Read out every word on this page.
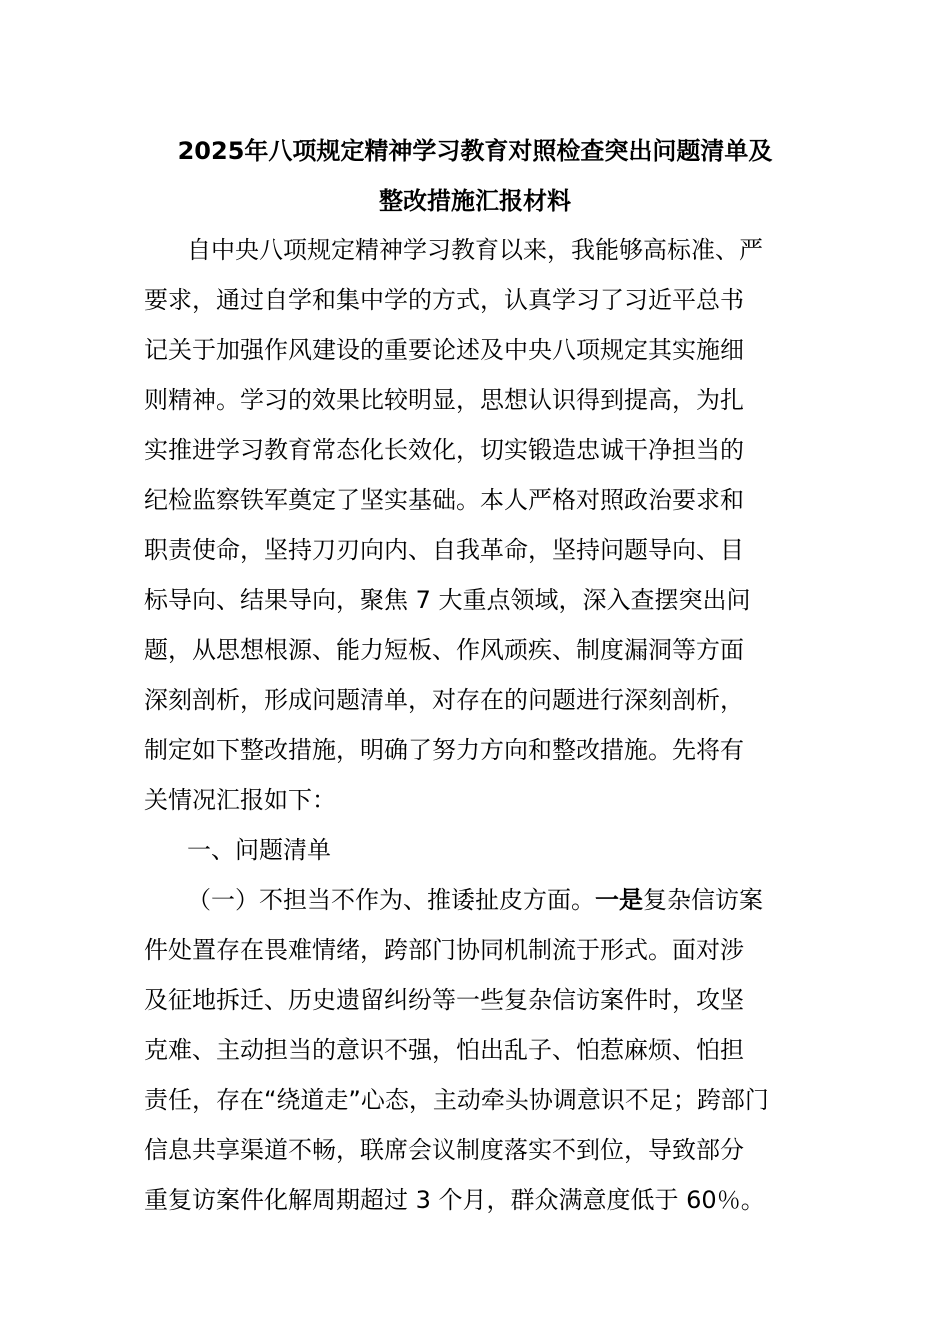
2025年八项规定精神学习教育对照检查突出问题清单及
整改措施汇报材料
自中央八项规定精神学习教育以来，我能够高标准、严
要求，通过自学和集中学的方式，认真学习了习近平总书
记关于加强作风建设的重要论述及中央八项规定其实施细
则精神。学习的效果比较明显，思想认识得到提高，为扎
实推进学习教育常态化长效化，切实锻造忠诚干净担当的
纪检监察铁军奠定了坚实基础。本人严格对照政治要求和
职责使命，坚持刀刃向内、自我革命，坚持问题导向、目
标导向、结果导向，聚焦 7 大重点领域，深入查摆突出问
题，从思想根源、能力短板、作风顽疾、制度漏洞等方面
深刻剖析，形成问题清单，对存在的问题进行深刻剖析，
制定如下整改措施，明确了努力方向和整改措施。先将有
关情况汇报如下：
一、问题清单
（一）不担当不作为、推诿扯皮方面。一是复杂信访案
件处置存在畏难情绪，跨部门协同机制流于形式。面对涉
及征地拆迁、历史遗留纠纷等一些复杂信访案件时，攻坚
克难、主动担当的意识不强，怕出乱子、怕惹麻烦、怕担
责任，存在“绕道走”心态，主动牵头协调意识不足；跨部门
信息共享渠道不畅，联席会议制度落实不到位，导致部分
重复访案件化解周期超过 3 个月，群众满意度低于 60％。
